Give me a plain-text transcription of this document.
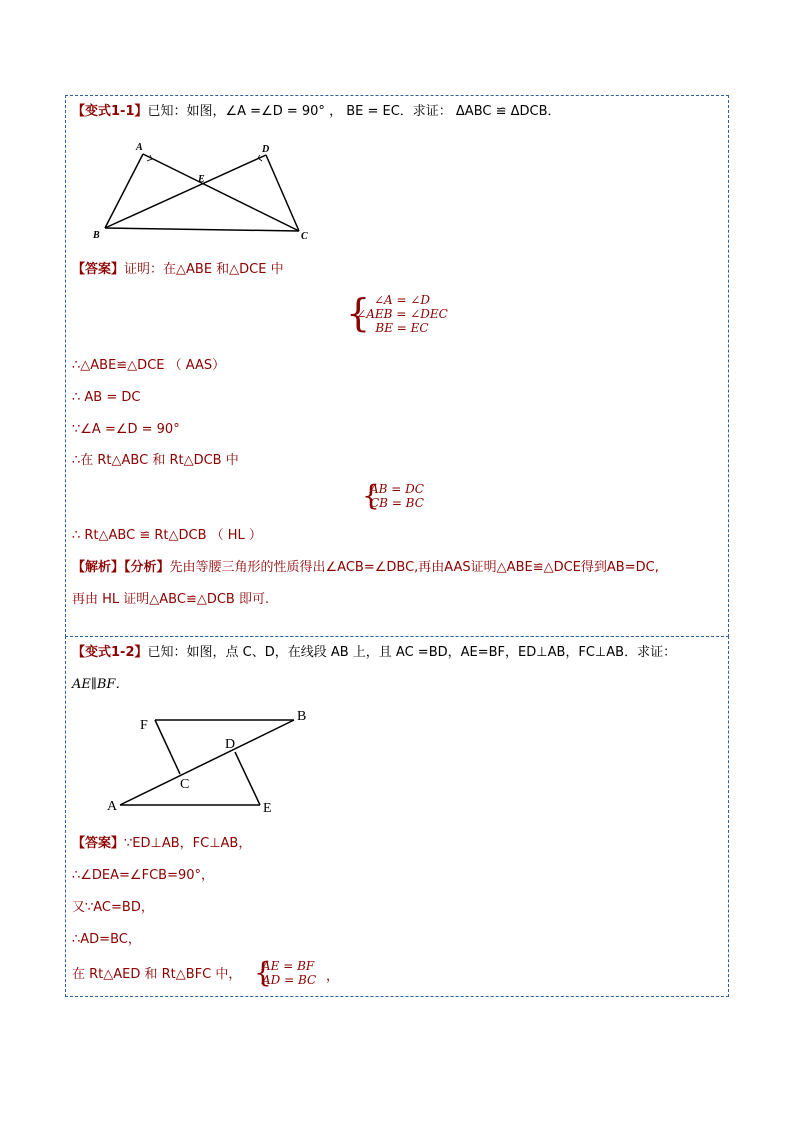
【变式1-1】已知：如图，∠A =∠D = 90° ， BE = EC．求证： ΔABC ≌ ΔDCB．
A	D
E
B	C
【答案】证明：在△ABE 和△DCE 中
{ ∠A = ∠D
∠AEB = ∠DEC
BE = EC
∴△ABE≌△DCE （ AAS）
∴ AB = DC
∵∠A =∠D = 90°
∴在 Rt△ABC 和 Rt△DCB 中
{
AB = DC
CB = BC
∴ Rt△ABC ≌ Rt△DCB （ HL ）
【解析】【分析】先由等腰三角形的性质得出∠ACB=∠DBC,再由AAS证明△ABE≌△DCE得到AB=DC,
再由 HL 证明△ABC≌△DCB 即可.
【变式1-2】已知：如图，点 C、D，在线段 AB 上，且 AC =BD，AE=BF，ED⊥AB，FC⊥AB．求证：
AE∥BF．
F
B
D
C
A	E
【答案】∵ED⊥AB，FC⊥AB，
∴∠DEA=∠FCB=90°，
又∵AC=BD，
∴AD=BC，
在 Rt△AED 和 Rt△BFC 中， {
AE = BF
AD = BC ，
